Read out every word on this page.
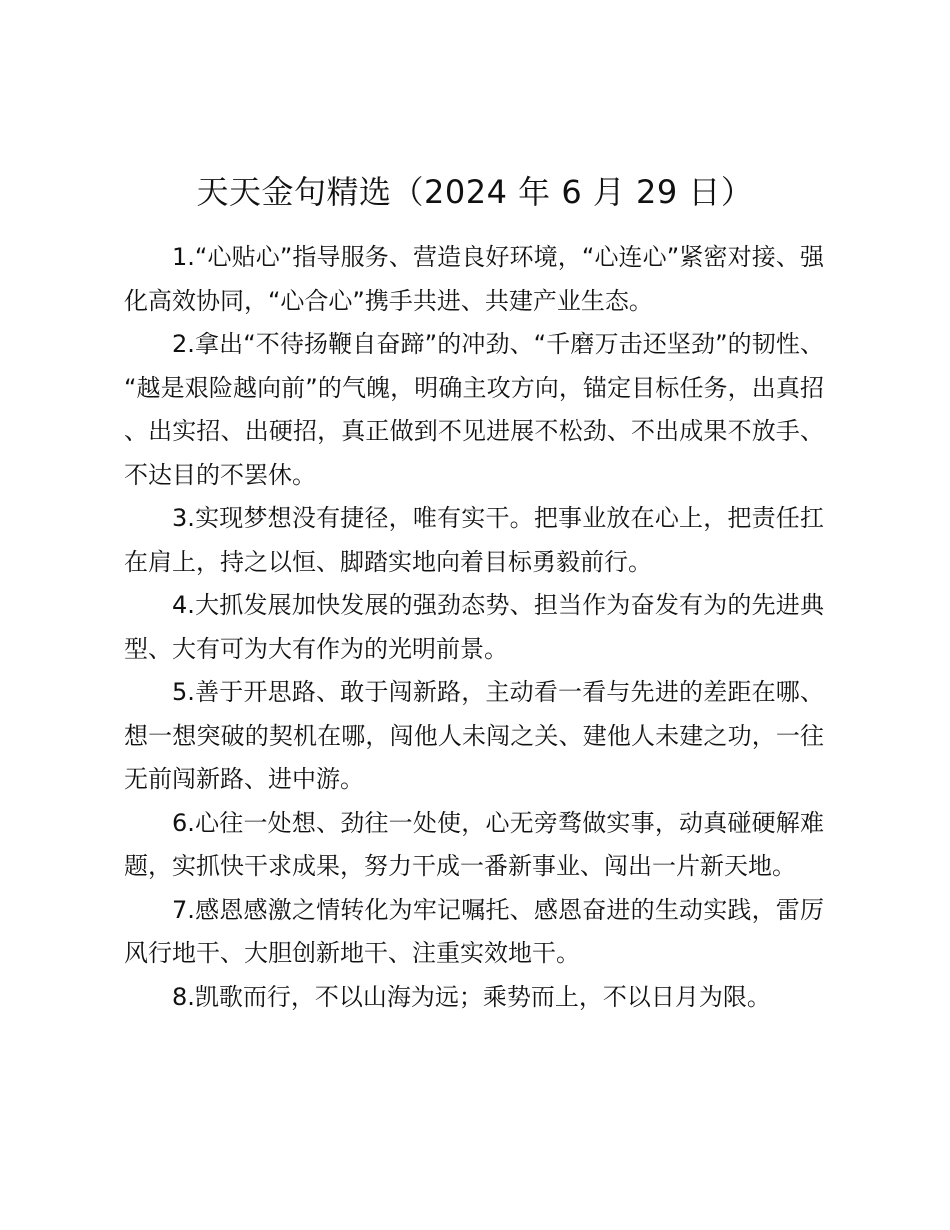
天天金句精选（2024 年 6 月 29 日）

1.“心贴心”指导服务、营造良好环境，“心连心”紧密对接、强化高效协同，“心合心”携手共进、共建产业生态。

2.拿出“不待扬鞭自奋蹄”的冲劲、“千磨万击还坚劲”的韧性、“越是艰险越向前”的气魄，明确主攻方向，锚定目标任务，出真招、出实招、出硬招，真正做到不见进展不松劲、不出成果不放手、不达目的不罢休。

3.实现梦想没有捷径，唯有实干。把事业放在心上，把责任扛在肩上，持之以恒、脚踏实地向着目标勇毅前行。

4.大抓发展加快发展的强劲态势、担当作为奋发有为的先进典型、大有可为大有作为的光明前景。

5.善于开思路、敢于闯新路，主动看一看与先进的差距在哪、想一想突破的契机在哪，闯他人未闯之关、建他人未建之功，一往无前闯新路、进中游。

6.心往一处想、劲往一处使，心无旁骛做实事，动真碰硬解难题，实抓快干求成果，努力干成一番新事业、闯出一片新天地。

7.感恩感激之情转化为牢记嘱托、感恩奋进的生动实践，雷厉风行地干、大胆创新地干、注重实效地干。

8.凯歌而行，不以山海为远；乘势而上，不以日月为限。
